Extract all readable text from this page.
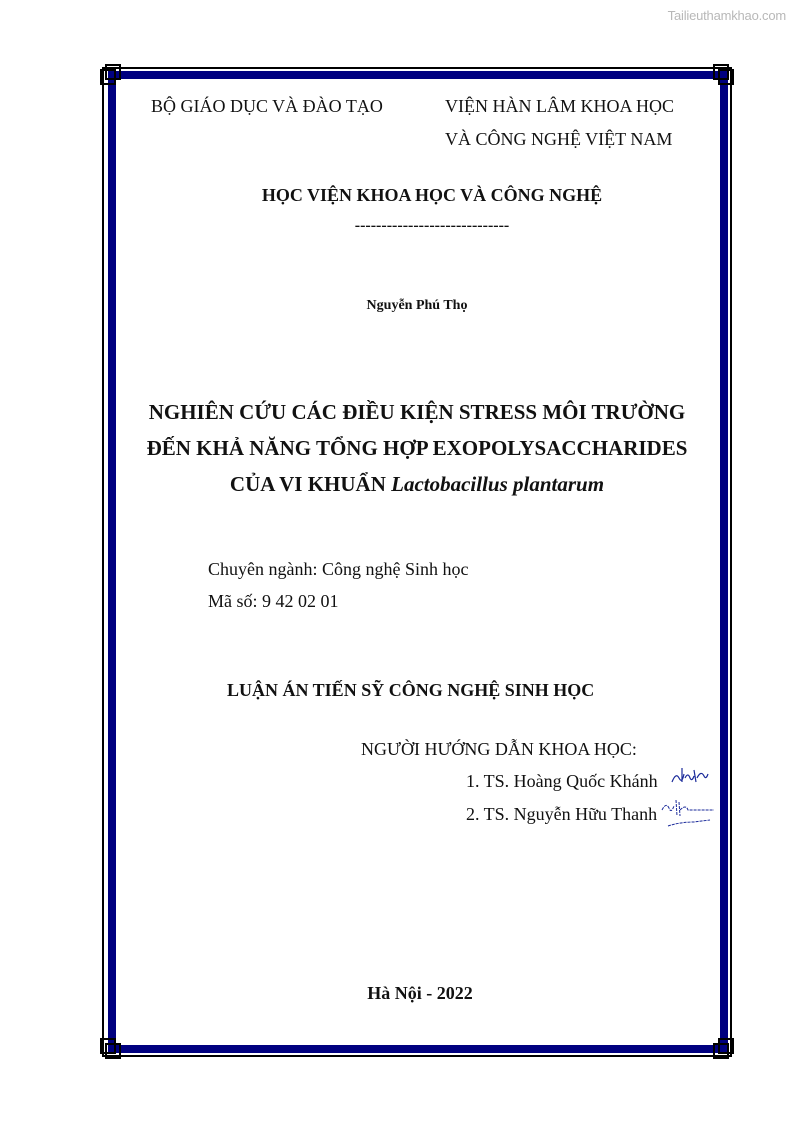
Tailieuthamkhao.com
BỘ GIÁO DỤC VÀ ĐÀO TẠO	VIỆN HÀN LÂM KHOA HỌC
VÀ CÔNG NGHỆ VIỆT NAM
HỌC VIỆN KHOA HỌC VÀ CÔNG NGHỆ
-----------------------------
Nguyễn Phú Thọ
NGHIÊN CỨU CÁC ĐIỀU KIỆN STRESS MÔI TRƯỜNG
ĐẾN KHẢ NĂNG TỔNG HỢP EXOPOLYSACCHARIDES
CỦA VI KHUẨN Lactobacillus plantarum
Chuyên ngành: Công nghệ Sinh học
Mã số: 9 42 02 01
LUẬN ÁN TIẾN SỸ CÔNG NGHỆ SINH HỌC
NGƯỜI HƯỚNG DẪN KHOA HỌC:
1. TS. Hoàng Quốc Khánh
2. TS. Nguyễn Hữu Thanh
Hà Nội - 2022
